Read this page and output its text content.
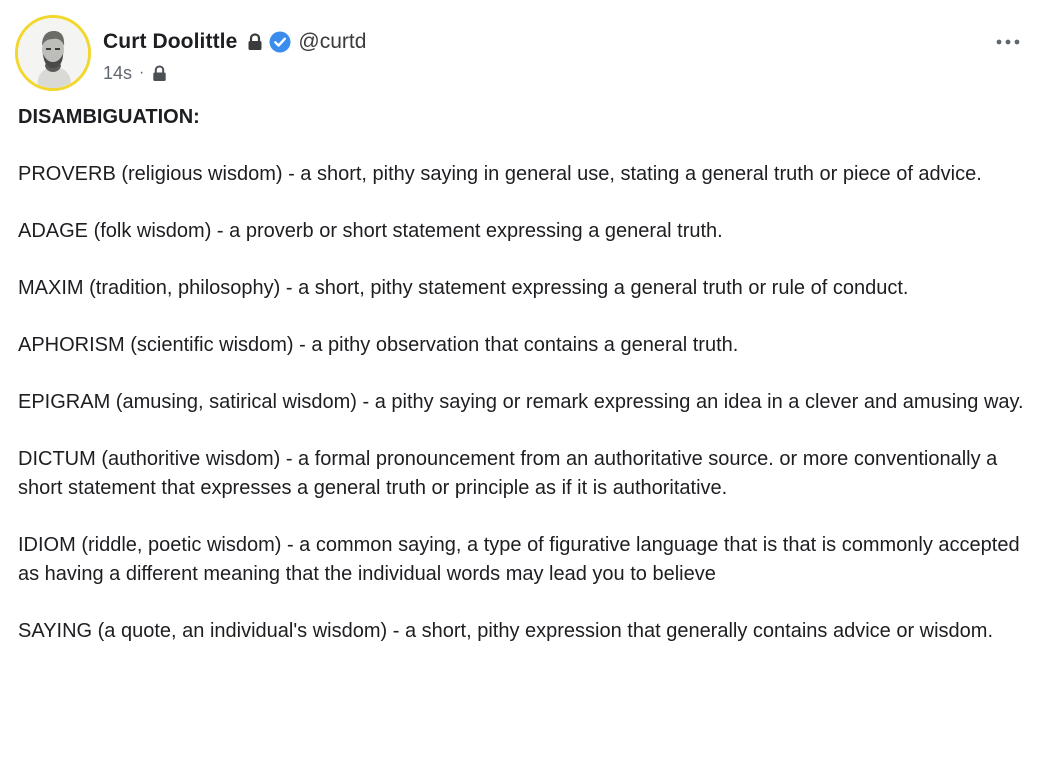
Curt Doolittle	@curtd
14s ·
DISAMBIGUATION:

PROVERB (religious wisdom) - a short, pithy saying in general use, stating a general truth or piece of advice.

ADAGE (folk wisdom) - a proverb or short statement expressing a general truth.

MAXIM (tradition, philosophy) - a short, pithy statement expressing a general truth or rule of conduct.

APHORISM (scientific wisdom) - a pithy observation that contains a general truth.

EPIGRAM (amusing, satirical wisdom) - a pithy saying or remark expressing an idea in a clever and amusing way.

DICTUM (authoritive wisdom) - a formal pronouncement from an authoritative source. or more conventionally a short statement that expresses a general truth or principle as if it is authoritative.

IDIOM (riddle, poetic wisdom) - a common saying, a type of figurative language that is that is commonly accepted as having a different meaning that the individual words may lead you to believe

SAYING (a quote, an individual's wisdom) - a short, pithy expression that generally contains advice or wisdom.
